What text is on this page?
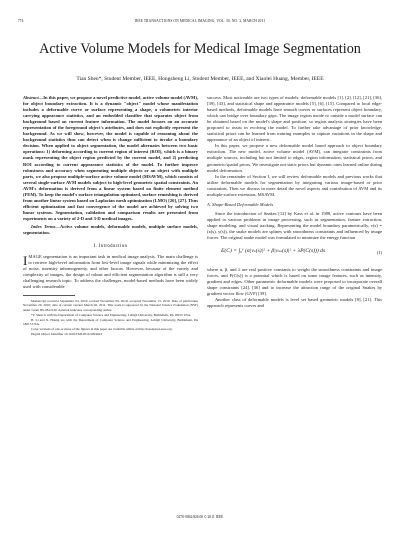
774	IEEE TRANSACTIONS ON MEDICAL IMAGING, VOL. 30, NO. 3, MARCH 2011
Active Volume Models for Medical Image Segmentation
Tian Shen*, Student Member, IEEE, Hongsheng Li, Student Member, IEEE, and Xiaolei Huang, Member, IEEE

Abstract—In this paper, we propose a novel predictive model, active volume model (AVM), for object boundary extraction. It is a dynamic "object" model whose manifestation includes a deformable curve or surface representing a shape, a volumetric interior carrying appearance statistics, and an embedded classifier that separates object from background based on current feature information. The model focuses on an accurate representation of the foreground object's attributes, and does not explicitly represent the background. As we will show, however, the model is capable of reasoning about the background statistics thus can detect when is change sufficient to invoke a boundary decision. When applied to object segmentation, the model alternates between two basic operations: 1) deforming according to current region of interest (ROI), which is a binary mask representing the object region predicted by the current model, and 2) predicting ROI according to current appearance statistics of the model. To further improve robustness and accuracy when segmenting multiple objects or an object with multiple parts, we also propose multiple-surface active volume model (MSAVM), which consists of several single-surface AVM models subject to high-level geometric spatial constraints. An AVM's deformation is derived from a linear system based on finite element method (FEM). To keep the model's surface triangulation optimized, surface remeshing is derived from another linear system based on Laplacian mesh optimization (LMO) [26], [27]. Thus efficient optimization and fast convergence of the model are achieved by solving two linear systems. Segmentation, validation and comparison results are presented from experiments on a variety of 2-D and 3-D medical images.

Index Terms—Active volume models, deformable models, multiple surface models, segmentation.

I. Introduction

IMAGE segmentation is an important task in medical image analysis. The main challenge is to retrieve high-level information from low-level image signals while minimizing the effect of noise, intensity inhomogeneity, and other factors. However, because of the variety and complexity of images, the design of robust and efficient segmentation algorithm is still a very challenging research topic. To address the challenges, model-based methods have been widely used with considerable

Manuscript received September 04, 2010; revised November 09, 2010; accepted November 15, 2010. Date of publication November 29, 2010; date of current version March 02, 2011. This work is supported by the National Science Foundation (NSF) under Grant IIS-0812120. Asterisk indicates corresponding author.

*T. Shen is with the Department of Computer Science and Engineering, Lehigh University, Bethlehem, PA 18015 USA.

H. Li and X. Huang are with the Department of Computer Science and Engineering, Lehigh University, Bethlehem, PA 18015 USA.

Color versions of one or more of the figures in this paper are available online at http://ieeexplore.ieee.org.

Digital Object Identifier 10.1109/TMI.2010.2094623

success. Most noticeable are two types of models: deformable models [1], [2], [12], [21], [36], [39], [43], and statistical shape and appearance models [5], [6], [15]. Compared to local edge-based methods, deformable models have smooth curves or surfaces represent object boundary, which can bridge over boundary gaps. The image region inside or outside a model surface can be obtained based on the model's shape and position, so region analysis strategies have been proposed to assist in evolving the model. To further take advantage of prior knowledge, statistical priors can be learned from training examples to capture variations in the shape and appearance of an object of interest.

In this paper, we propose a new deformable model based approach to object boundary extraction. The new model, active volume model (AVM), can integrate constraints from multiple sources, including but not limited to edges, region information, statistical priors, and geometric/spatial priors. We investigate not static priors but dynamic ones learned online during model deformation.

In the remainder of Section I, we will review deformable models and previous works that utilize deformable models for segmentation by integrating various image-based or prior constraints. Then we discuss in more detail the novel aspects and contribution of AVM and its multiple-surface extension, MSAVM.

A. Shape-Based Deformable Models

Since the introduction of Snakes [12] by Kass et al. in 1988, active contours have been applied to various problems in image processing, such as segmentation, feature extraction, shape modeling, and visual tracking. Representing the model boundary parametrically, v(s) = (x(s), y(s)), the snake models are splines with smoothness constraints and influenced by image forces. The original snake model was formulated to minimize the energy function

E(C) = ∫₀¹ (α|vₛ(s)|² + β|vₛₛ(s)|² + λP(C(s))) ds	(1)

where α, β, and λ are real positive constants to weight the smoothness constraints and image forces, and P(C(s)) is a potential which is based on some image features, such as intensity, gradient and edges. Other parametric deformable models were proposed to incorporate overall shape constraints [24], [36] and to increase the attraction range of the original Snakes by gradient vector flow (GVF) [39].

Another class of deformable models is level set based geometric models [8], [21]. This approach represents curves and

0278-0062/$26.00 © 2011 IEEE
